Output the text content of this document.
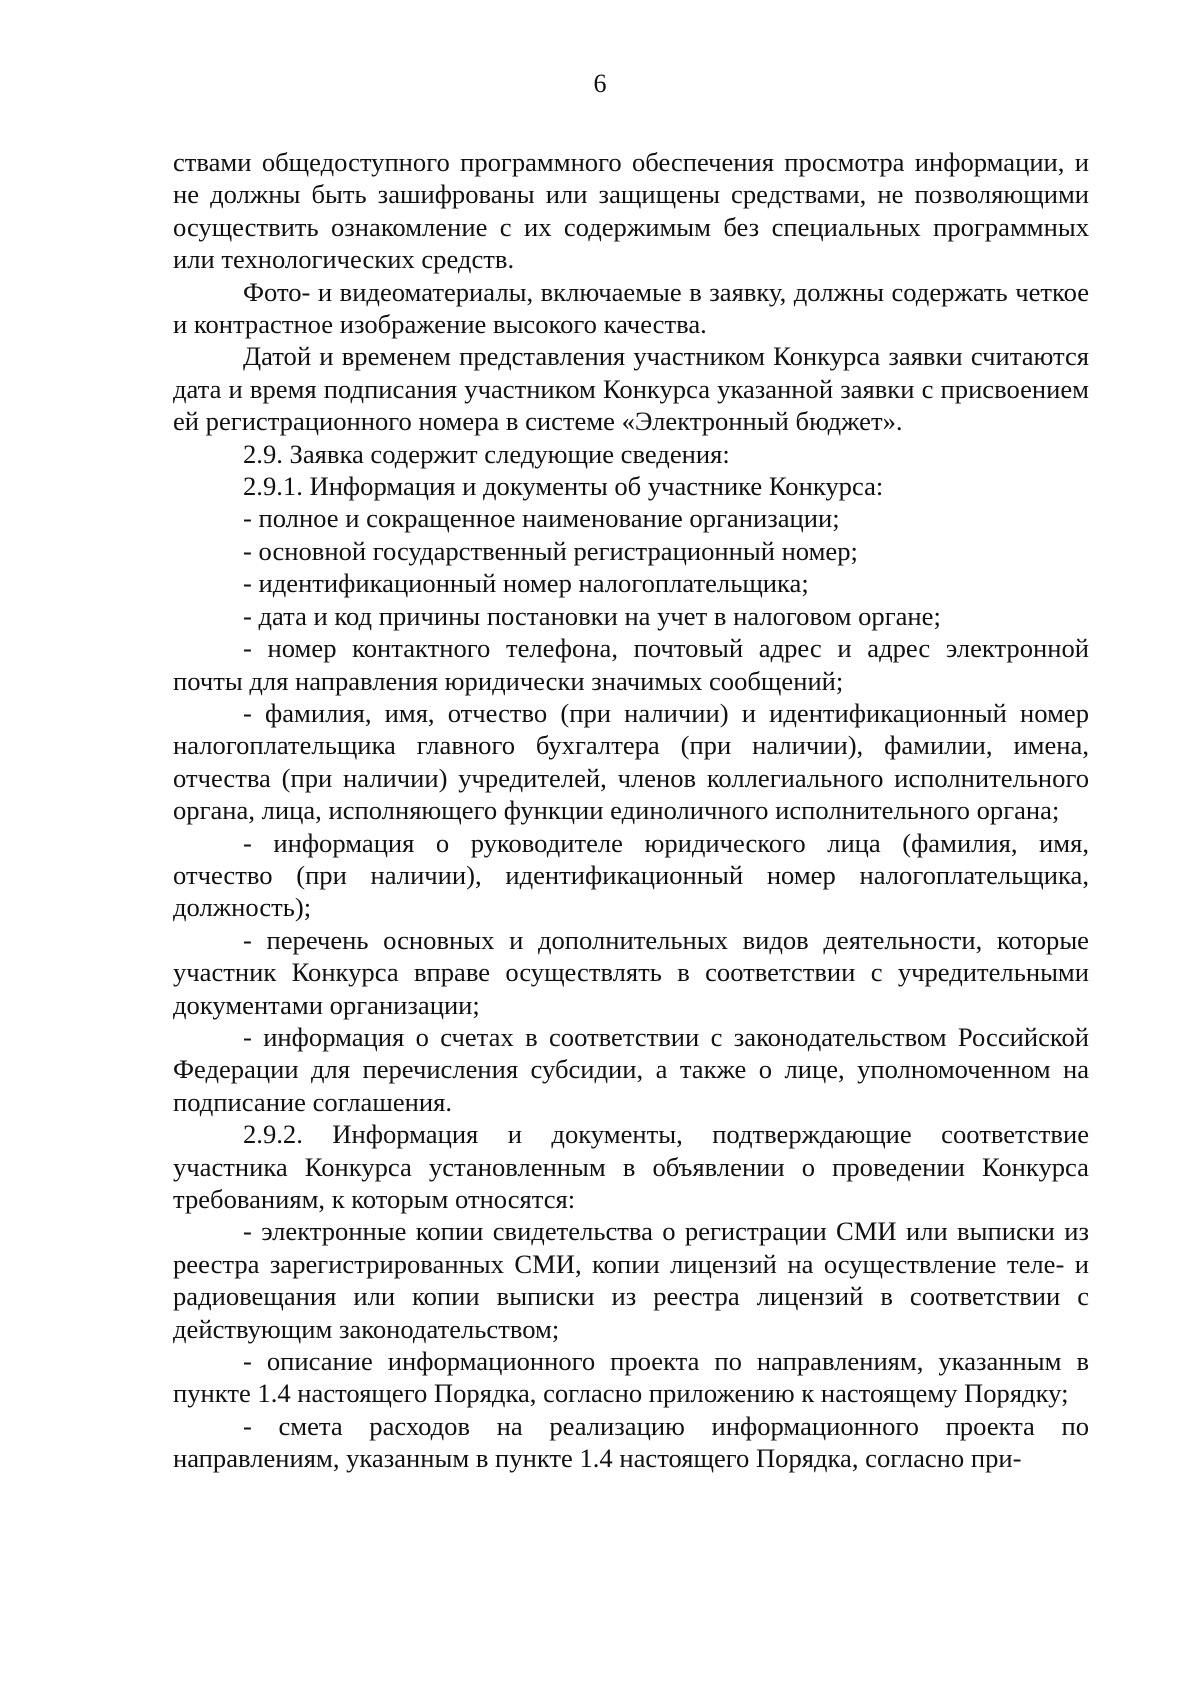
6

ствами общедоступного программного обеспечения просмотра информации, и не должны быть зашифрованы или защищены средствами, не позволяющими осуществить ознакомление с их содержимым без специальных программных или технологических средств.

Фото- и видеоматериалы, включаемые в заявку, должны содержать четкое и контрастное изображение высокого качества.

Датой и временем представления участником Конкурса заявки считаются дата и время подписания участником Конкурса указанной заявки с присвоением ей регистрационного номера в системе «Электронный бюджет».

2.9. Заявка содержит следующие сведения:

2.9.1. Информация и документы об участнике Конкурса:

- полное и сокращенное наименование организации;

- основной государственный регистрационный номер;

- идентификационный номер налогоплательщика;

- дата и код причины постановки на учет в налоговом органе;

- номер контактного телефона, почтовый адрес и адрес электронной почты для направления юридически значимых сообщений;

- фамилия, имя, отчество (при наличии) и идентификационный номер налогоплательщика главного бухгалтера (при наличии), фамилии, имена, отчества (при наличии) учредителей, членов коллегиального исполнительного органа, лица, исполняющего функции единоличного исполнительного органа;

- информация о руководителе юридического лица (фамилия, имя, отчество (при наличии), идентификационный номер налогоплательщика, должность);

- перечень основных и дополнительных видов деятельности, которые участник Конкурса вправе осуществлять в соответствии с учредительными документами организации;

- информация о счетах в соответствии с законодательством Российской Федерации для перечисления субсидии, а также о лице, уполномоченном на подписание соглашения.

2.9.2. Информация и документы, подтверждающие соответствие участника Конкурса установленным в объявлении о проведении Конкурса требованиям, к которым относятся:

- электронные копии свидетельства о регистрации СМИ или выписки из реестра зарегистрированных СМИ, копии лицензий на осуществление теле- и радиовещания или копии выписки из реестра лицензий в соответствии с действующим законодательством;

- описание информационного проекта по направлениям, указанным в пункте 1.4 настоящего Порядка, согласно приложению к настоящему Порядку;

- смета расходов на реализацию информационного проекта по направлениям, указанным в пункте 1.4 настоящего Порядка, согласно при-
